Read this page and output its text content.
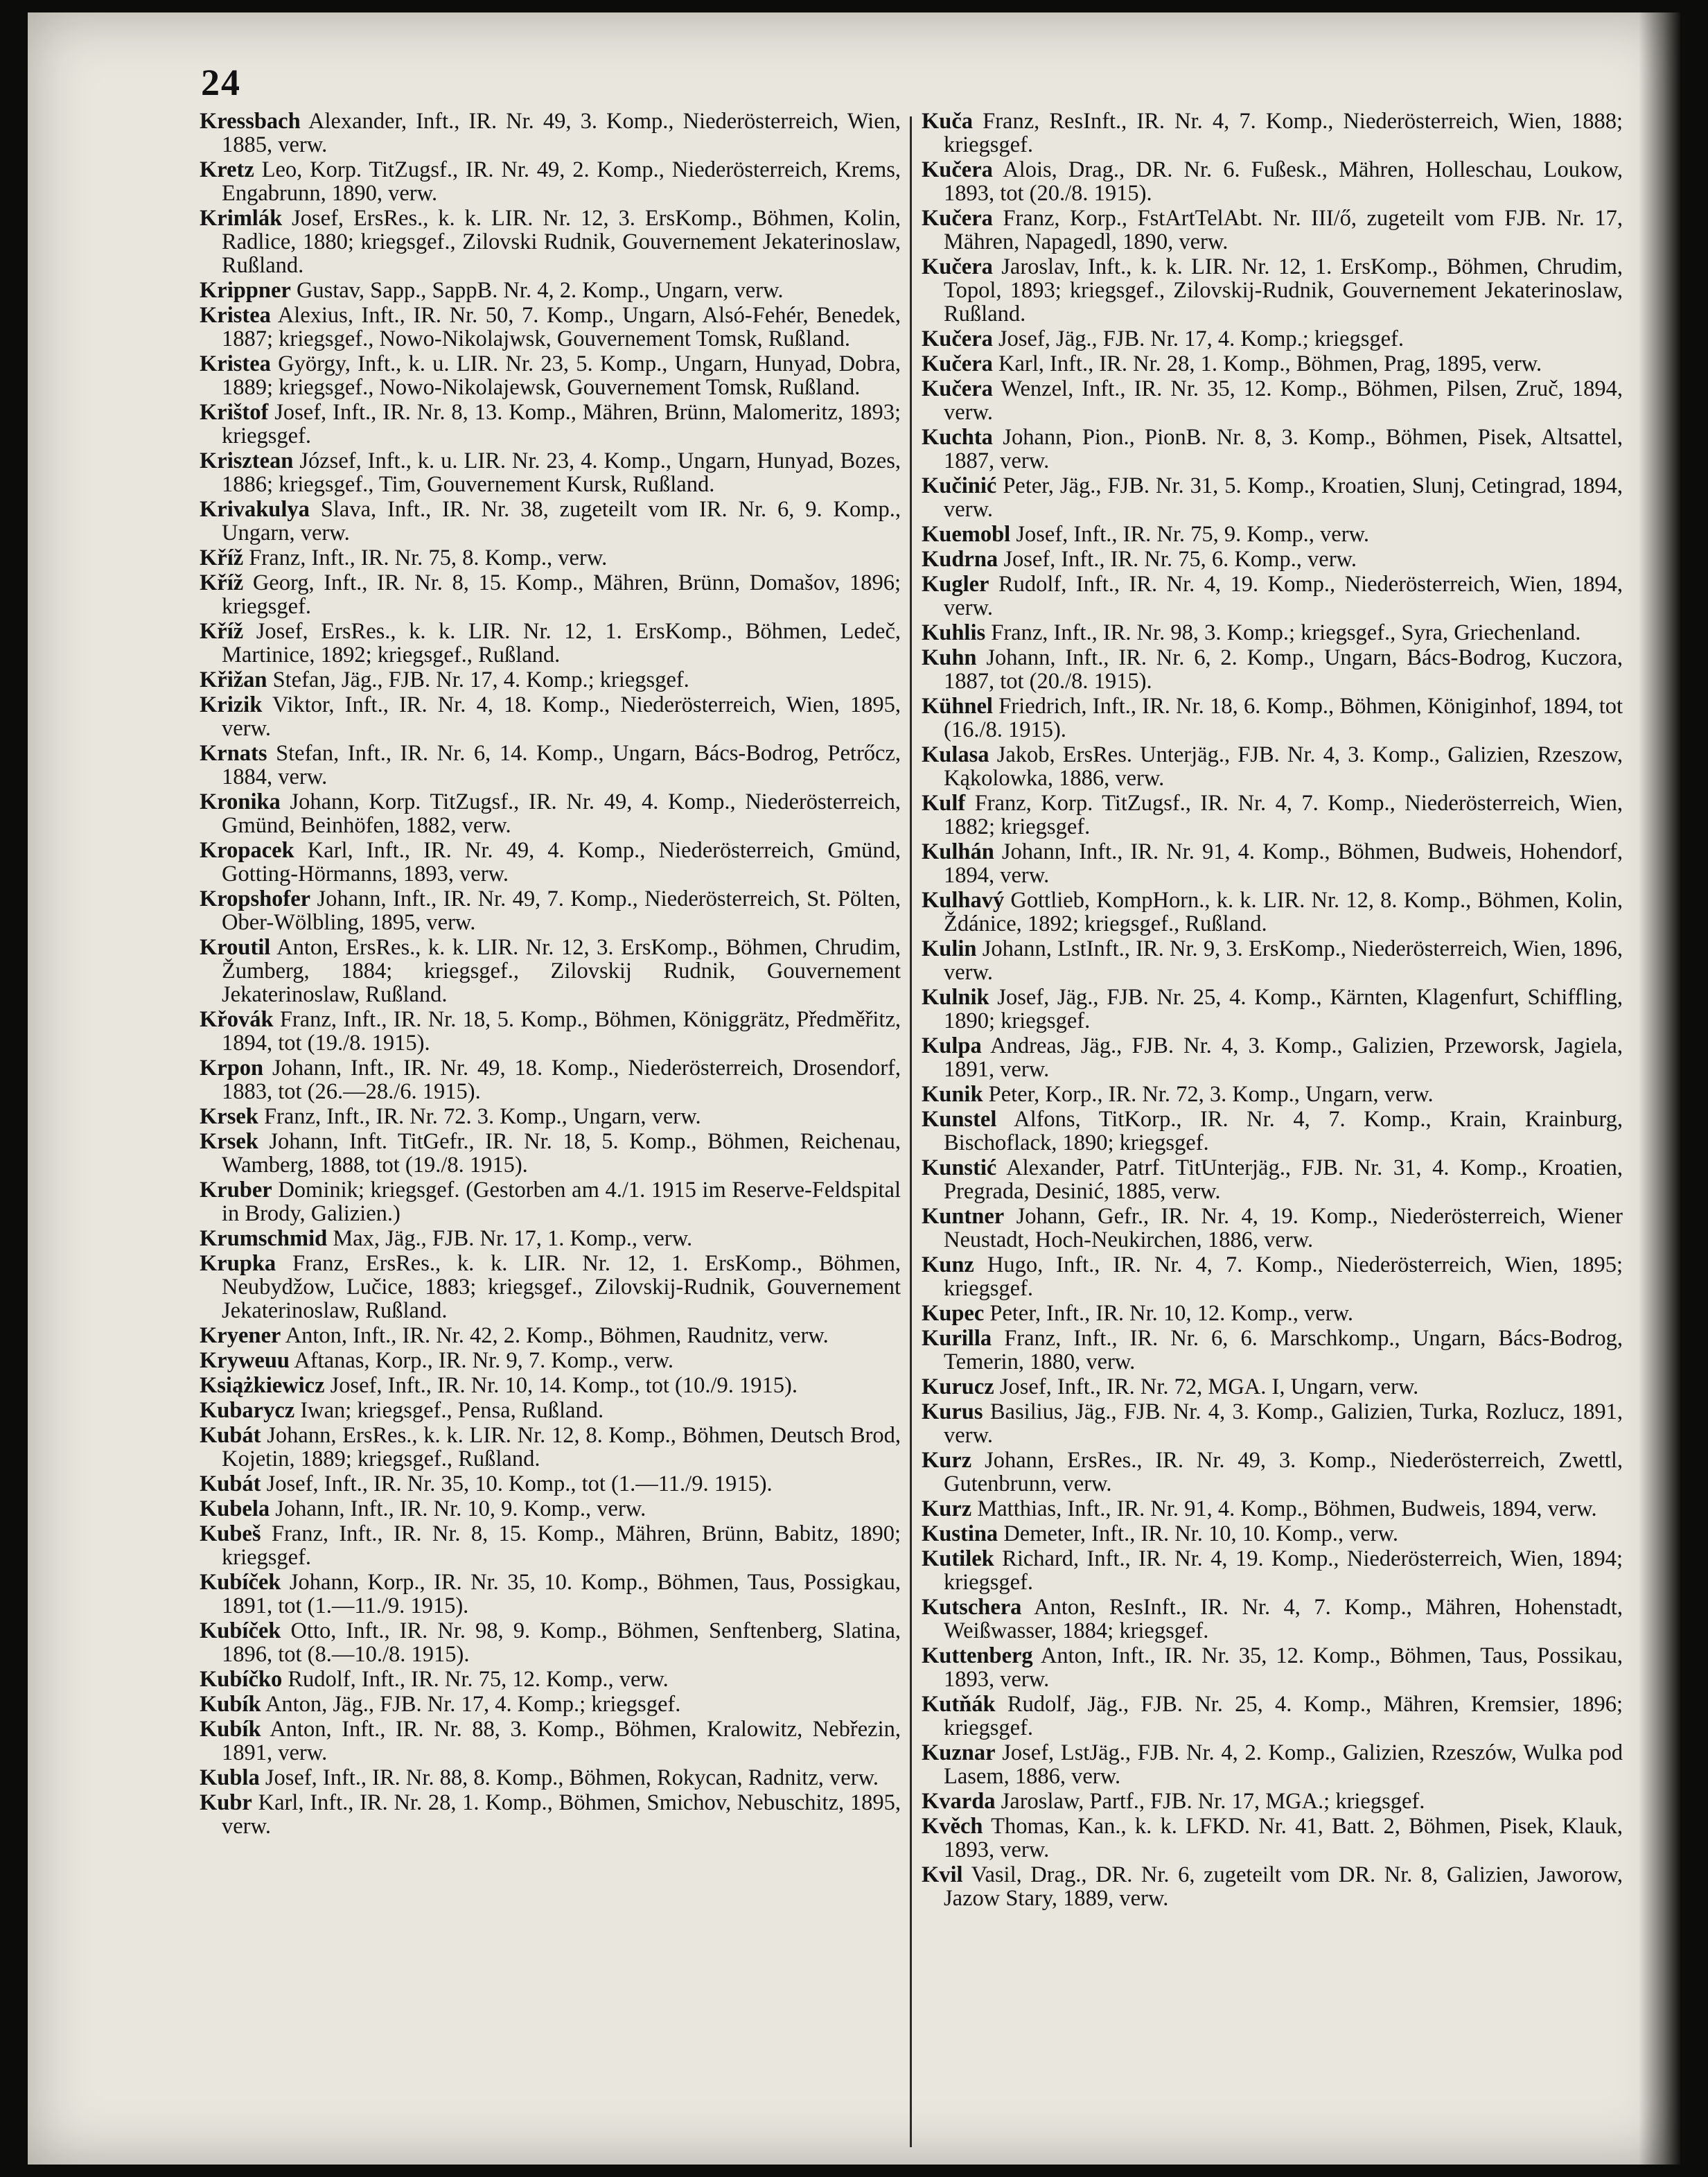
24

Kressbach Alexander, Inft., IR. Nr. 49, 3. Komp., Niederösterreich, Wien, 1885, verw.

Kretz Leo, Korp. TitZugsf., IR. Nr. 49, 2. Komp., Niederösterreich, Krems, Engabrunn, 1890, verw.

Krimlák Josef, ErsRes., k. k. LIR. Nr. 12, 3. ErsKomp., Böhmen, Kolin, Radlice, 1880; kriegsgef., Zilovski Rudnik, Gouvernement Jekaterinoslaw, Rußland.

Krippner Gustav, Sapp., SappB. Nr. 4, 2. Komp., Ungarn, verw.

Kristea Alexius, Inft., IR. Nr. 50, 7. Komp., Ungarn, Alsó-Fehér, Benedek, 1887; kriegsgef., Nowo-Nikolajwsk, Gouvernement Tomsk, Rußland.

Kristea György, Inft., k. u. LIR. Nr. 23, 5. Komp., Ungarn, Hunyad, Dobra, 1889; kriegsgef., Nowo-Nikolajewsk, Gouvernement Tomsk, Rußland.

Krištof Josef, Inft., IR. Nr. 8, 13. Komp., Mähren, Brünn, Malomeritz, 1893; kriegsgef.

Krisztean József, Inft., k. u. LIR. Nr. 23, 4. Komp., Ungarn, Hunyad, Bozes, 1886; kriegsgef., Tim, Gouvernement Kursk, Rußland.

Krivakulya Slava, Inft., IR. Nr. 38, zugeteilt vom IR. Nr. 6, 9. Komp., Ungarn, verw.

Kříž Franz, Inft., IR. Nr. 75, 8. Komp., verw.

Kříž Georg, Inft., IR. Nr. 8, 15. Komp., Mähren, Brünn, Domašov, 1896; kriegsgef.

Kříž Josef, ErsRes., k. k. LIR. Nr. 12, 1. ErsKomp., Böhmen, Ledeč, Martinice, 1892; kriegsgef., Rußland.

Křižan Stefan, Jäg., FJB. Nr. 17, 4. Komp.; kriegsgef.

Krizik Viktor, Inft., IR. Nr. 4, 18. Komp., Niederösterreich, Wien, 1895, verw.

Krnats Stefan, Inft., IR. Nr. 6, 14. Komp., Ungarn, Bács-Bodrog, Petrőcz, 1884, verw.

Kronika Johann, Korp. TitZugsf., IR. Nr. 49, 4. Komp., Niederösterreich, Gmünd, Beinhöfen, 1882, verw.

Kropacek Karl, Inft., IR. Nr. 49, 4. Komp., Niederösterreich, Gmünd, Gotting-Hörmanns, 1893, verw.

Kropshofer Johann, Inft., IR. Nr. 49, 7. Komp., Niederösterreich, St. Pölten, Ober-Wölbling, 1895, verw.

Kroutil Anton, ErsRes., k. k. LIR. Nr. 12, 3. ErsKomp., Böhmen, Chrudim, Žumberg, 1884; kriegsgef., Zilovskij Rudnik, Gouvernement Jekaterinoslaw, Rußland.

Křovák Franz, Inft., IR. Nr. 18, 5. Komp., Böhmen, Königgrätz, Předměřitz, 1894, tot (19./8. 1915).

Krpon Johann, Inft., IR. Nr. 49, 18. Komp., Niederösterreich, Drosendorf, 1883, tot (26.—28./6. 1915).

Krsek Franz, Inft., IR. Nr. 72. 3. Komp., Ungarn, verw.

Krsek Johann, Inft. TitGefr., IR. Nr. 18, 5. Komp., Böhmen, Reichenau, Wamberg, 1888, tot (19./8. 1915).

Kruber Dominik; kriegsgef. (Gestorben am 4./1. 1915 im Reserve-Feldspital in Brody, Galizien.)

Krumschmid Max, Jäg., FJB. Nr. 17, 1. Komp., verw.

Krupka Franz, ErsRes., k. k. LIR. Nr. 12, 1. ErsKomp., Böhmen, Neubydžow, Lučice, 1883; kriegsgef., Zilovskij-Rudnik, Gouvernement Jekaterinoslaw, Rußland.

Kryener Anton, Inft., IR. Nr. 42, 2. Komp., Böhmen, Raudnitz, verw.

Kryweuu Aftanas, Korp., IR. Nr. 9, 7. Komp., verw.

Książkiewicz Josef, Inft., IR. Nr. 10, 14. Komp., tot (10./9. 1915).

Kubarycz Iwan; kriegsgef., Pensa, Rußland.

Kubát Johann, ErsRes., k. k. LIR. Nr. 12, 8. Komp., Böhmen, Deutsch Brod, Kojetin, 1889; kriegsgef., Rußland.

Kubát Josef, Inft., IR. Nr. 35, 10. Komp., tot (1.—11./9. 1915).

Kubela Johann, Inft., IR. Nr. 10, 9. Komp., verw.

Kubeš Franz, Inft., IR. Nr. 8, 15. Komp., Mähren, Brünn, Babitz, 1890; kriegsgef.

Kubíček Johann, Korp., IR. Nr. 35, 10. Komp., Böhmen, Taus, Possigkau, 1891, tot (1.—11./9. 1915).

Kubíček Otto, Inft., IR. Nr. 98, 9. Komp., Böhmen, Senftenberg, Slatina, 1896, tot (8.—10./8. 1915).

Kubíčko Rudolf, Inft., IR. Nr. 75, 12. Komp., verw.

Kubík Anton, Jäg., FJB. Nr. 17, 4. Komp.; kriegsgef.

Kubík Anton, Inft., IR. Nr. 88, 3. Komp., Böhmen, Kralowitz, Nebřezin, 1891, verw.

Kubla Josef, Inft., IR. Nr. 88, 8. Komp., Böhmen, Rokycan, Radnitz, verw.

Kubr Karl, Inft., IR. Nr. 28, 1. Komp., Böhmen, Smichov, Nebuschitz, 1895, verw.

Kuča Franz, ResInft., IR. Nr. 4, 7. Komp., Niederösterreich, Wien, 1888; kriegsgef.

Kučera Alois, Drag., DR. Nr. 6. Fußesk., Mähren, Holleschau, Loukow, 1893, tot (20./8. 1915).

Kučera Franz, Korp., FstArtTelAbt. Nr. III/ő, zugeteilt vom FJB. Nr. 17, Mähren, Napagedl, 1890, verw.

Kučera Jaroslav, Inft., k. k. LIR. Nr. 12, 1. ErsKomp., Böhmen, Chrudim, Topol, 1893; kriegsgef., Zilovskij-Rudnik, Gouvernement Jekaterinoslaw, Rußland.

Kučera Josef, Jäg., FJB. Nr. 17, 4. Komp.; kriegsgef.

Kučera Karl, Inft., IR. Nr. 28, 1. Komp., Böhmen, Prag, 1895, verw.

Kučera Wenzel, Inft., IR. Nr. 35, 12. Komp., Böhmen, Pilsen, Zruč, 1894, verw.

Kuchta Johann, Pion., PionB. Nr. 8, 3. Komp., Böhmen, Pisek, Altsattel, 1887, verw.

Kučinić Peter, Jäg., FJB. Nr. 31, 5. Komp., Kroatien, Slunj, Cetingrad, 1894, verw.

Kuemobl Josef, Inft., IR. Nr. 75, 9. Komp., verw.

Kudrna Josef, Inft., IR. Nr. 75, 6. Komp., verw.

Kugler Rudolf, Inft., IR. Nr. 4, 19. Komp., Niederösterreich, Wien, 1894, verw.

Kuhlis Franz, Inft., IR. Nr. 98, 3. Komp.; kriegsgef., Syra, Griechenland.

Kuhn Johann, Inft., IR. Nr. 6, 2. Komp., Ungarn, Bács-Bodrog, Kuczora, 1887, tot (20./8. 1915).

Kühnel Friedrich, Inft., IR. Nr. 18, 6. Komp., Böhmen, Königinhof, 1894, tot (16./8. 1915).

Kulasa Jakob, ErsRes. Unterjäg., FJB. Nr. 4, 3. Komp., Galizien, Rzeszow, Kąkolowka, 1886, verw.

Kulf Franz, Korp. TitZugsf., IR. Nr. 4, 7. Komp., Niederösterreich, Wien, 1882; kriegsgef.

Kulhán Johann, Inft., IR. Nr. 91, 4. Komp., Böhmen, Budweis, Hohendorf, 1894, verw.

Kulhavý Gottlieb, KompHorn., k. k. LIR. Nr. 12, 8. Komp., Böhmen, Kolin, Ždánice, 1892; kriegsgef., Rußland.

Kulin Johann, LstInft., IR. Nr. 9, 3. ErsKomp., Niederösterreich, Wien, 1896, verw.

Kulnik Josef, Jäg., FJB. Nr. 25, 4. Komp., Kärnten, Klagenfurt, Schiffling, 1890; kriegsgef.

Kulpa Andreas, Jäg., FJB. Nr. 4, 3. Komp., Galizien, Przeworsk, Jagiela, 1891, verw.

Kunik Peter, Korp., IR. Nr. 72, 3. Komp., Ungarn, verw.

Kunstel Alfons, TitKorp., IR. Nr. 4, 7. Komp., Krain, Krainburg, Bischoflack, 1890; kriegsgef.

Kunstić Alexander, Patrf. TitUnterjäg., FJB. Nr. 31, 4. Komp., Kroatien, Pregrada, Desinić, 1885, verw.

Kuntner Johann, Gefr., IR. Nr. 4, 19. Komp., Niederösterreich, Wiener Neustadt, Hoch-Neukirchen, 1886, verw.

Kunz Hugo, Inft., IR. Nr. 4, 7. Komp., Niederösterreich, Wien, 1895; kriegsgef.

Kupec Peter, Inft., IR. Nr. 10, 12. Komp., verw.

Kurilla Franz, Inft., IR. Nr. 6, 6. Marschkomp., Ungarn, Bács-Bodrog, Temerin, 1880, verw.

Kurucz Josef, Inft., IR. Nr. 72, MGA. I, Ungarn, verw.

Kurus Basilius, Jäg., FJB. Nr. 4, 3. Komp., Galizien, Turka, Rozlucz, 1891, verw.

Kurz Johann, ErsRes., IR. Nr. 49, 3. Komp., Niederösterreich, Zwettl, Gutenbrunn, verw.

Kurz Matthias, Inft., IR. Nr. 91, 4. Komp., Böhmen, Budweis, 1894, verw.

Kustina Demeter, Inft., IR. Nr. 10, 10. Komp., verw.

Kutilek Richard, Inft., IR. Nr. 4, 19. Komp., Niederösterreich, Wien, 1894; kriegsgef.

Kutschera Anton, ResInft., IR. Nr. 4, 7. Komp., Mähren, Hohenstadt, Weißwasser, 1884; kriegsgef.

Kuttenberg Anton, Inft., IR. Nr. 35, 12. Komp., Böhmen, Taus, Possikau, 1893, verw.

Kutňák Rudolf, Jäg., FJB. Nr. 25, 4. Komp., Mähren, Kremsier, 1896; kriegsgef.

Kuznar Josef, LstJäg., FJB. Nr. 4, 2. Komp., Galizien, Rzeszów, Wulka pod Lasem, 1886, verw.

Kvarda Jaroslaw, Partf., FJB. Nr. 17, MGA.; kriegsgef.

Kvěch Thomas, Kan., k. k. LFKD. Nr. 41, Batt. 2, Böhmen, Pisek, Klauk, 1893, verw.

Kvil Vasil, Drag., DR. Nr. 6, zugeteilt vom DR. Nr. 8, Galizien, Jaworow, Jazow Stary, 1889, verw.
